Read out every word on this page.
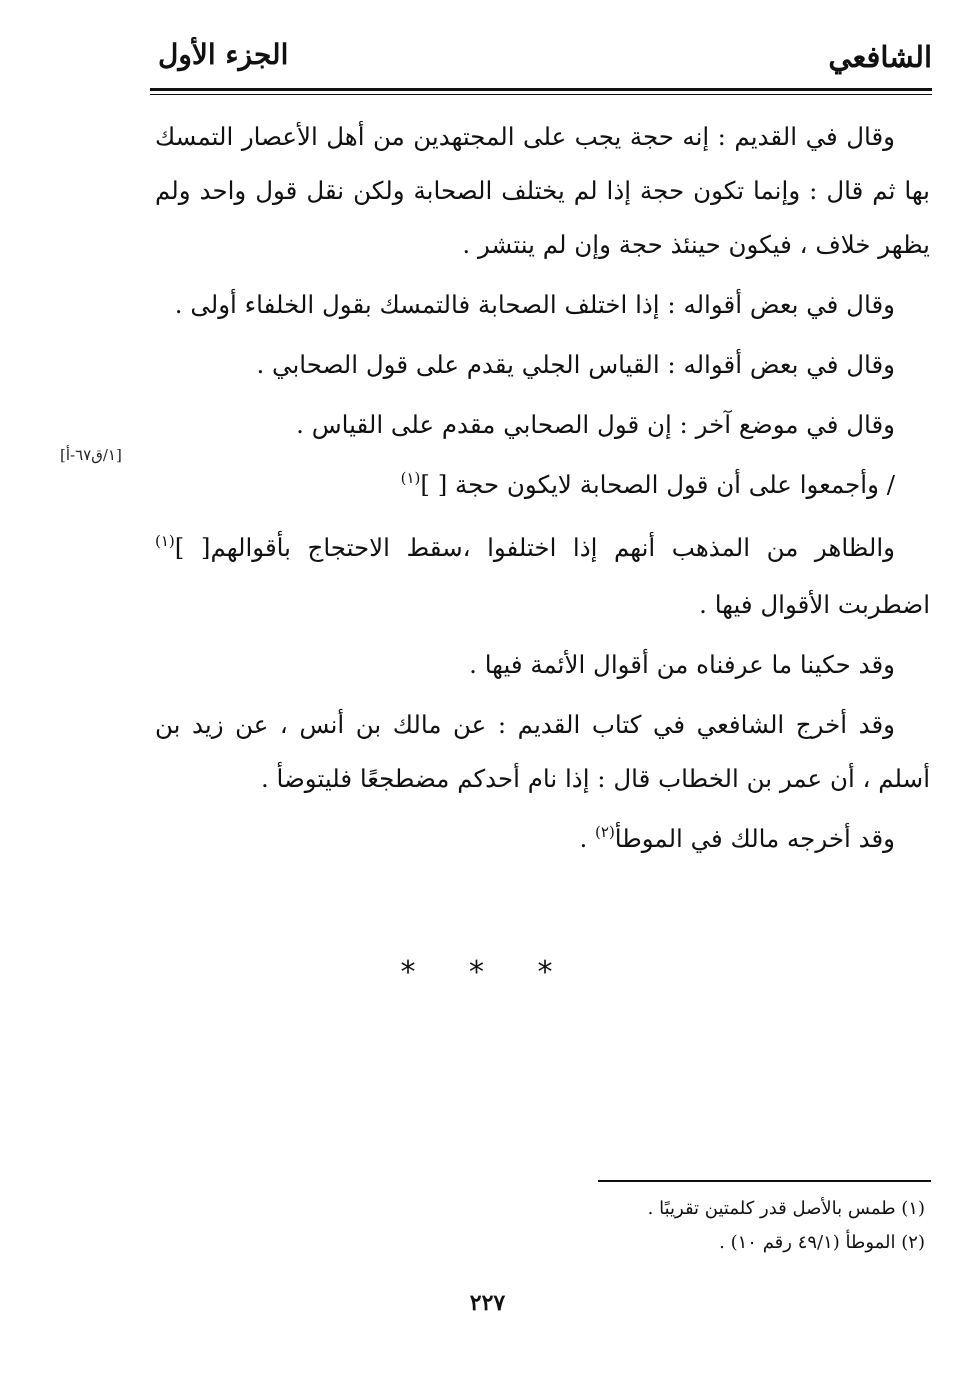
الشافعي
الجزء الأول
[١/ق٦٧-أ]

وقال في القديم : إنه حجة يجب على المجتهدين من أهل الأعصار التمسك بها ثم قال : وإنما تكون حجة إذا لم يختلف الصحابة ولكن نقل قول واحد ولم يظهر خلاف ، فيكون حينئذ حجة وإن لم ينتشر .

وقال في بعض أقواله : إذا اختلف الصحابة فالتمسك بقول الخلفاء أولى .

وقال في بعض أقواله : القياس الجلي يقدم على قول الصحابي .

وقال في موضع آخر : إن قول الصحابي مقدم على القياس .

/ وأجمعوا على أن قول الصحابة لايكون حجة [ ]$^{(١)}$

والظاهر من المذهب أنهم إذا اختلفوا ،سقط الاحتجاج بأقوالهم[ ]$^{(١)}$ اضطربت الأقوال فيها .

وقد حكينا ما عرفناه من أقوال الأئمة فيها .

وقد أخرج الشافعي في كتاب القديم : عن مالك بن أنس ، عن زيد بن أسلم ، أن عمر بن الخطاب قال : إذا نام أحدكم مضطجعًا فليتوضأ .

وقد أخرجه مالك في الموطأ$^{(٢)}$ .

* * *

(١) طمس بالأصل قدر كلمتين تقريبًا .

(٢) الموطأ (٤٩/١ رقم ١٠) .

٢٢٧
